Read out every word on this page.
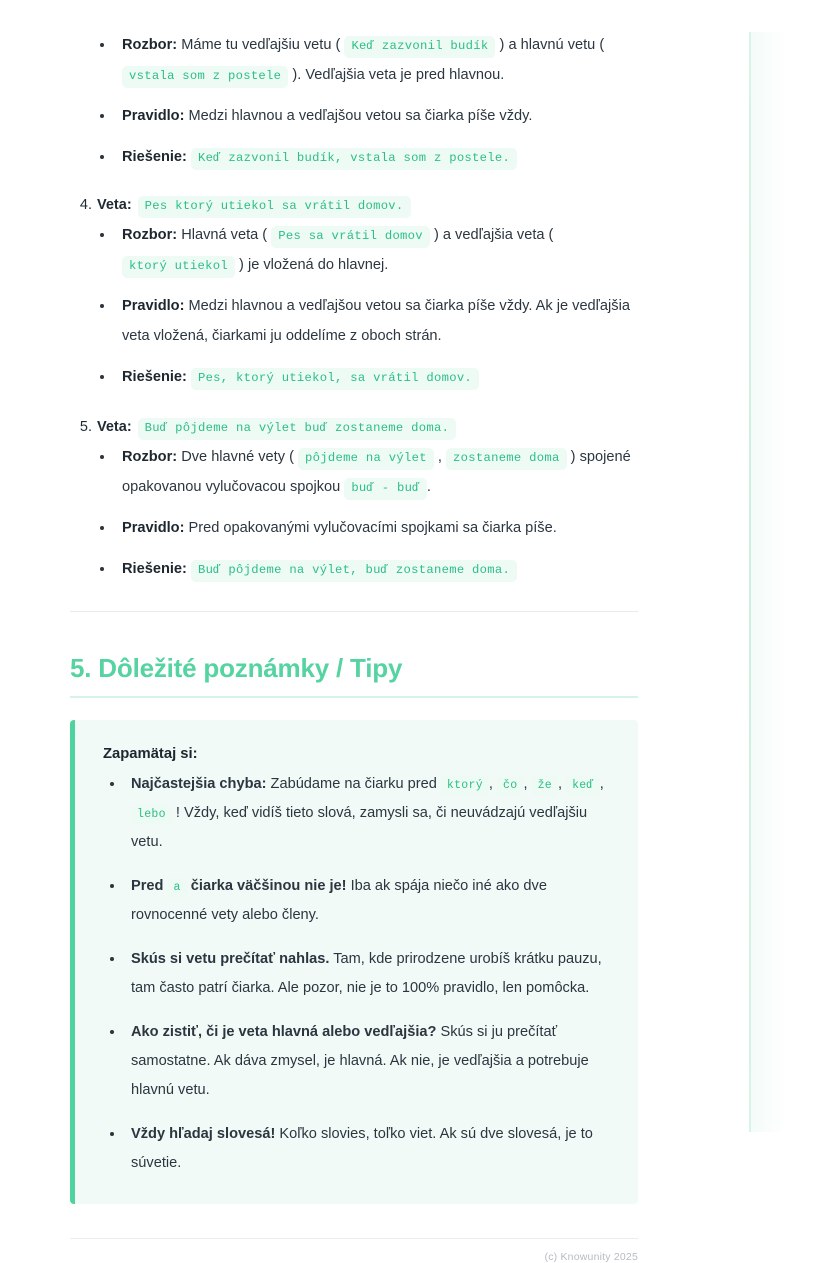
Rozbor: Máme tu vedľajšiu vetu ( Keď zazvonil budík ) a hlavnú vetu ( vstala som z postele ). Vedľajšia veta je pred hlavnou.
Pravidlo: Medzi hlavnou a vedľajšou vetou sa čiarka píše vždy.
Riešenie: Keď zazvonil budík, vstala som z postele.
4. Veta:	Pes ktorý utiekol sa vrátil domov.
Rozbor: Hlavná veta ( Pes sa vrátil domov ) a vedľajšia veta ( ktorý utiekol ) je vložená do hlavnej.
Pravidlo: Medzi hlavnou a vedľajšou vetou sa čiarka píše vždy. Ak je vedľajšia veta vložená, čiarkami ju oddelíme z oboch strán.
Riešenie: Pes, ktorý utiekol, sa vrátil domov.
5. Veta:	Buď pôjdeme na výlet buď zostaneme doma.
Rozbor: Dve hlavné vety ( pôjdeme na výlet , zostaneme doma ) spojené opakovanou vylučovacou spojkou buď - buď .
Pravidlo: Pred opakovanými vylučovacími spojkami sa čiarka píše.
Riešenie: Buď pôjdeme na výlet, buď zostaneme doma.
5. Dôležité poznámky / Tipy
Zapamätaj si:
Najčastejšia chyba: Zabúdame na čiarku pred ktorý , čo , že , keď , lebo ! Vždy, keď vidíš tieto slová, zamysli sa, či neuvádzajú vedľajšiu vetu.
Pred a čiarka väčšinou nie je! Iba ak spája niečo iné ako dve rovnocenné vety alebo členy.
Skús si vetu prečítať nahlas. Tam, kde prirodzene urobíš krátku pauzu, tam často patrí čiarka. Ale pozor, nie je to 100% pravidlo, len pomôcka.
Ako zistiť, či je veta hlavná alebo vedľajšia? Skús si ju prečítať samostatne. Ak dáva zmysel, je hlavná. Ak nie, je vedľajšia a potrebuje hlavnú vetu.
Vždy hľadaj slovesá! Koľko slovies, toľko viet. Ak sú dve slovesá, je to súvetie.
(c) Knowunity 2025
